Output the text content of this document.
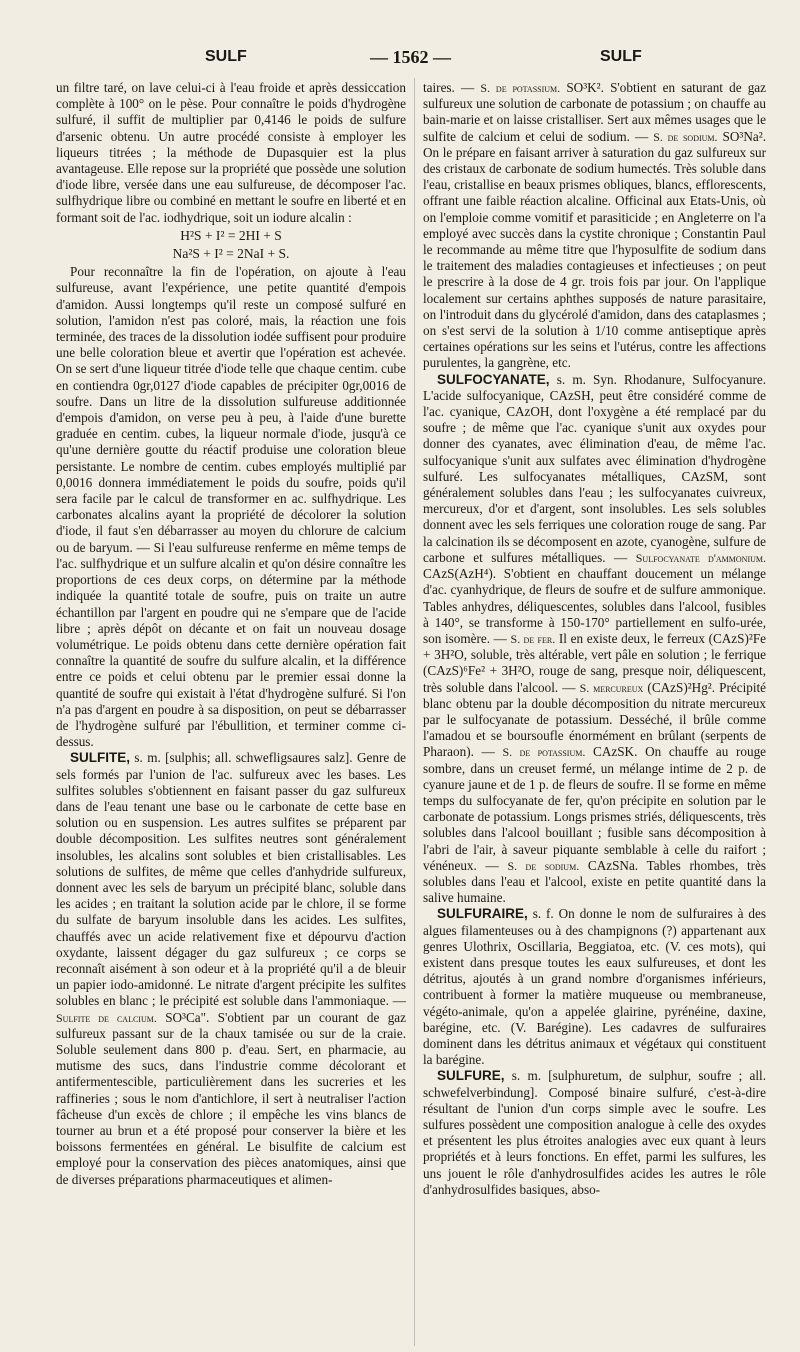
SULF	— 1562 —	SULF

un filtre taré, on lave celui-ci à l'eau froide et après dessiccation complète à 100° on le pèse. Pour connaître le poids d'hydrogène sulfuré, il suffit de multiplier par 0,4146 le poids de sulfure d'arsenic obtenu. Un autre procédé consiste à employer les liqueurs titrées ; la méthode de Dupasquier est la plus avantageuse. Elle repose sur la propriété que possède une solution d'iode libre, versée dans une eau sulfureuse, de décomposer l'ac. sulfhydrique libre ou combiné en mettant le soufre en liberté et en formant soit de l'ac. iodhydrique, soit un iodure alcalin :

H²S + I² = 2HI + S
Na²S + I² = 2NaI + S.

Pour reconnaître la fin de l'opération, on ajoute à l'eau sulfureuse, avant l'expérience, une petite quantité d'empois d'amidon. Aussi longtemps qu'il reste un composé sulfuré en solution, l'amidon n'est pas coloré, mais, la réaction une fois terminée, des traces de la dissolution iodée suffisent pour produire une belle coloration bleue et avertir que l'opération est achevée. On se sert d'une liqueur titrée d'iode telle que chaque centim. cube en contiendra 0gr,0127 d'iode capables de précipiter 0gr,0016 de soufre. Dans un litre de la dissolution sulfureuse additionnée d'empois d'amidon, on verse peu à peu, à l'aide d'une burette graduée en centim. cubes, la liqueur normale d'iode, jusqu'à ce qu'une dernière goutte du réactif produise une coloration bleue persistante. Le nombre de centim. cubes employés multiplié par 0,0016 donnera immédiatement le poids du soufre, poids qu'il sera facile par le calcul de transformer en ac. sulfhydrique. Les carbonates alcalins ayant la propriété de décolorer la solution d'iode, il faut s'en débarrasser au moyen du chlorure de calcium ou de baryum. — Si l'eau sulfureuse renferme en même temps de l'ac. sulfhydrique et un sulfure alcalin et qu'on désire connaître les proportions de ces deux corps, on détermine par la méthode indiquée la quantité totale de soufre, puis on traite un autre échantillon par l'argent en poudre qui ne s'empare que de l'acide libre ; après dépôt on décante et on fait un nouveau dosage volumétrique. Le poids obtenu dans cette dernière opération fait connaître la quantité de soufre du sulfure alcalin, et la différence entre ce poids et celui obtenu par le premier essai donne la quantité de soufre qui existait à l'état d'hydrogène sulfuré. Si l'on n'a pas d'argent en poudre à sa disposition, on peut se débarrasser de l'hydrogène sulfuré par l'ébullition, et terminer comme ci-dessus.

SULFITE, s. m. [sulphis; all. schwefligsaures salz]. Genre de sels formés par l'union de l'ac. sulfureux avec les bases. Les sulfites solubles s'obtiennent en faisant passer du gaz sulfureux dans de l'eau tenant une base ou le carbonate de cette base en solution ou en suspension. Les autres sulfites se préparent par double décomposition. Les sulfites neutres sont généralement insolubles, les alcalins sont solubles et bien cristallisables. Les solutions de sulfites, de même que celles d'anhydride sulfureux, donnent avec les sels de baryum un précipité blanc, soluble dans les acides ; en traitant la solution acide par le chlore, il se forme du sulfate de baryum insoluble dans les acides. Les sulfites, chauffés avec un acide relativement fixe et dépourvu d'action oxydante, laissent dégager du gaz sulfureux ; ce corps se reconnaît aisément à son odeur et à la propriété qu'il a de bleuir un papier iodo-amidonné. Le nitrate d'argent précipite les sulfites solubles en blanc ; le précipité est soluble dans l'ammoniaque. — Sulfite de calcium. SO³Ca". S'obtient par un courant de gaz sulfureux passant sur de la chaux tamisée ou sur de la craie. Soluble seulement dans 800 p. d'eau. Sert, en pharmacie, au mutisme des sucs, dans l'industrie comme décolorant et antifermentescible, particulièrement dans les sucreries et les raffineries ; sous le nom d'antichlore, il sert à neutraliser l'action fâcheuse d'un excès de chlore ; il empêche les vins blancs de tourner au brun et a été proposé pour conserver la bière et les boissons fermentées en général. Le bisulfite de calcium est employé pour la conservation des pièces anatomiques, ainsi que de diverses préparations pharmaceutiques et alimen-

taires. — S. de potassium. SO³K². S'obtient en saturant de gaz sulfureux une solution de carbonate de potassium ; on chauffe au bain-marie et on laisse cristalliser. Sert aux mêmes usages que le sulfite de calcium et celui de sodium. — S. de sodium. SO³Na². On le prépare en faisant arriver à saturation du gaz sulfureux sur des cristaux de carbonate de sodium humectés. Très soluble dans l'eau, cristallise en beaux prismes obliques, blancs, efflorescents, offrant une faible réaction alcaline. Officinal aux Etats-Unis, où on l'emploie comme vomitif et parasiticide ; en Angleterre on l'a employé avec succès dans la cystite chronique ; Constantin Paul le recommande au même titre que l'hyposulfite de sodium dans le traitement des maladies contagieuses et infectieuses ; on peut le prescrire à la dose de 4 gr. trois fois par jour. On l'applique localement sur certains aphthes supposés de nature parasitaire, on l'introduit dans du glycérolé d'amidon, dans des cataplasmes ; on s'est servi de la solution à 1/10 comme antiseptique après certaines opérations sur les seins et l'utérus, contre les affections purulentes, la gangrène, etc.

SULFOCYANATE, s. m. Syn. Rhodanure, Sulfocyanure. L'acide sulfocyanique, CAzSH, peut être considéré comme de l'ac. cyanique, CAzOH, dont l'oxygène a été remplacé par du soufre ; de même que l'ac. cyanique s'unit aux oxydes pour donner des cyanates, avec élimination d'eau, de même l'ac. sulfocyanique s'unit aux sulfates avec élimination d'hydrogène sulfuré. Les sulfocyanates métalliques, CAzSM, sont généralement solubles dans l'eau ; les sulfocyanates cuivreux, mercureux, d'or et d'argent, sont insolubles. Les sels solubles donnent avec les sels ferriques une coloration rouge de sang. Par la calcination ils se décomposent en azote, cyanogène, sulfure de carbone et sulfures métalliques. — Sulfocyanate d'ammonium. CAzS(AzH⁴). S'obtient en chauffant doucement un mélange d'ac. cyanhydrique, de fleurs de soufre et de sulfure ammonique. Tables anhydres, déliquescentes, solubles dans l'alcool, fusibles à 140°, se transforme à 150-170° partiellement en sulfo-urée, son isomère. — S. de fer. Il en existe deux, le ferreux (CAzS)²Fe + 3H²O, soluble, très altérable, vert pâle en solution ; le ferrique (CAzS)⁶Fe² + 3H²O, rouge de sang, presque noir, déliquescent, très soluble dans l'alcool. — S. mercureux (CAzS)²Hg². Précipité blanc obtenu par la double décomposition du nitrate mercureux par le sulfocyanate de potassium. Desséché, il brûle comme l'amadou et se boursoufle énormément en brûlant (serpents de Pharaon). — S. de potassium. CAzSK. On chauffe au rouge sombre, dans un creuset fermé, un mélange intime de 2 p. de cyanure jaune et de 1 p. de fleurs de soufre. Il se forme en même temps du sulfocyanate de fer, qu'on précipite en solution par le carbonate de potassium. Longs prismes striés, déliquescents, très solubles dans l'alcool bouillant ; fusible sans décomposition à l'abri de l'air, à saveur piquante semblable à celle du raifort ; vénéneux. — S. de sodium. CAzSNa. Tables rhombes, très solubles dans l'eau et l'alcool, existe en petite quantité dans la salive humaine.

SULFURAIRE, s. f. On donne le nom de sulfuraires à des algues filamenteuses ou à des champignons (?) appartenant aux genres Ulothrix, Oscillaria, Beggiatoa, etc. (V. ces mots), qui existent dans presque toutes les eaux sulfureuses, et dont les détritus, ajoutés à un grand nombre d'organismes inférieurs, contribuent à former la matière muqueuse ou membraneuse, végéto-animale, qu'on a appelée glairine, pyrénéine, daxine, barégine, etc. (V. Barégine). Les cadavres de sulfuraires dominent dans les détritus animaux et végétaux qui constituent la barégine.

SULFURE, s. m. [sulphuretum, de sulphur, soufre ; all. schwefelverbindung]. Composé binaire sulfuré, c'est-à-dire résultant de l'union d'un corps simple avec le soufre. Les sulfures possèdent une composition analogue à celle des oxydes et présentent les plus étroites analogies avec eux quant à leurs propriétés et à leurs fonctions. En effet, parmi les sulfures, les uns jouent le rôle d'anhydrosulfides acides les autres le rôle d'anhydrosulfides basiques, abso-
